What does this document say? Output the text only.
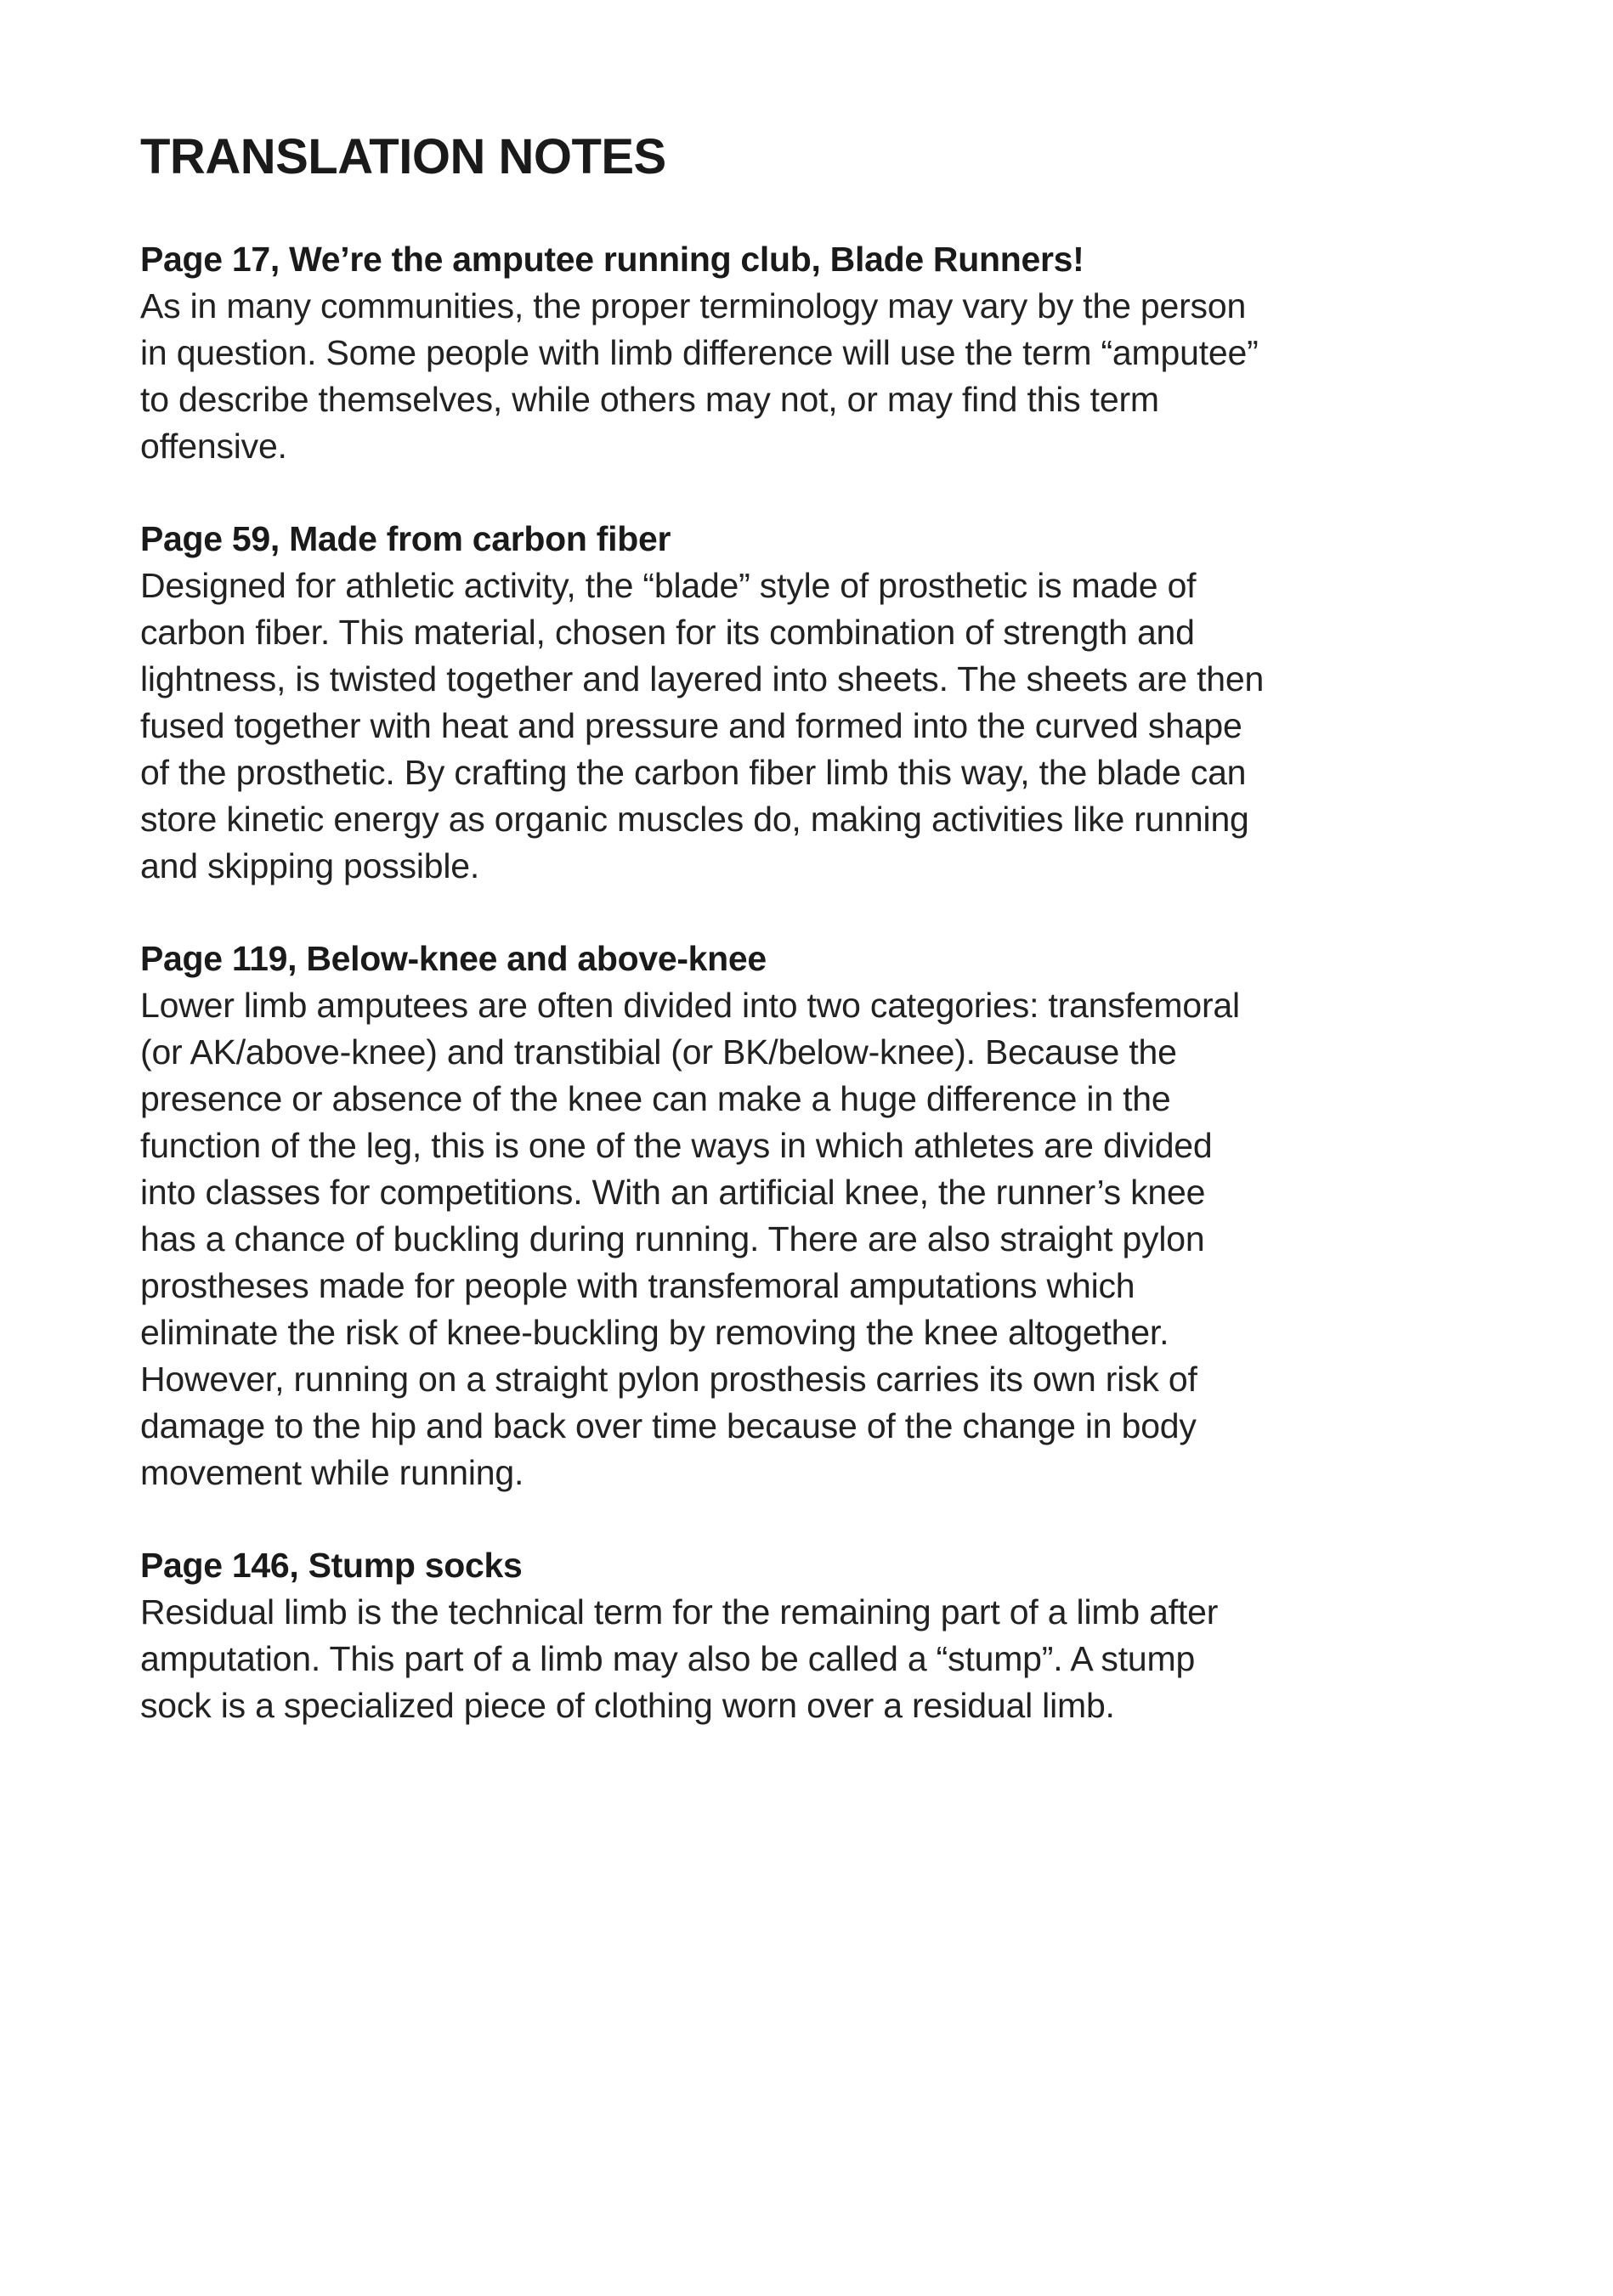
TRANSLATION NOTES
Page 17, We’re the amputee running club, Blade Runners!

As in many communities, the proper terminology may vary by the person
in question. Some people with limb difference will use the term “amputee”
to describe themselves, while others may not, or may find this term
offensive.

Page 59, Made from carbon fiber

Designed for athletic activity, the “blade” style of prosthetic is made of
carbon fiber. This material, chosen for its combination of strength and
lightness, is twisted together and layered into sheets. The sheets are then
fused together with heat and pressure and formed into the curved shape
of the prosthetic. By crafting the carbon fiber limb this way, the blade can
store kinetic energy as organic muscles do, making activities like running
and skipping possible.

Page 119, Below-knee and above-knee

Lower limb amputees are often divided into two categories: transfemoral
(or AK/above-knee) and transtibial (or BK/below-knee). Because the
presence or absence of the knee can make a huge difference in the
function of the leg, this is one of the ways in which athletes are divided
into classes for competitions. With an artificial knee, the runner’s knee
has a chance of buckling during running. There are also straight pylon
prostheses made for people with transfemoral amputations which
eliminate the risk of knee-buckling by removing the knee altogether.
However, running on a straight pylon prosthesis carries its own risk of
damage to the hip and back over time because of the change in body
movement while running.

Page 146, Stump socks

Residual limb is the technical term for the remaining part of a limb after
amputation. This part of a limb may also be called a “stump”. A stump
sock is a specialized piece of clothing worn over a residual limb.
